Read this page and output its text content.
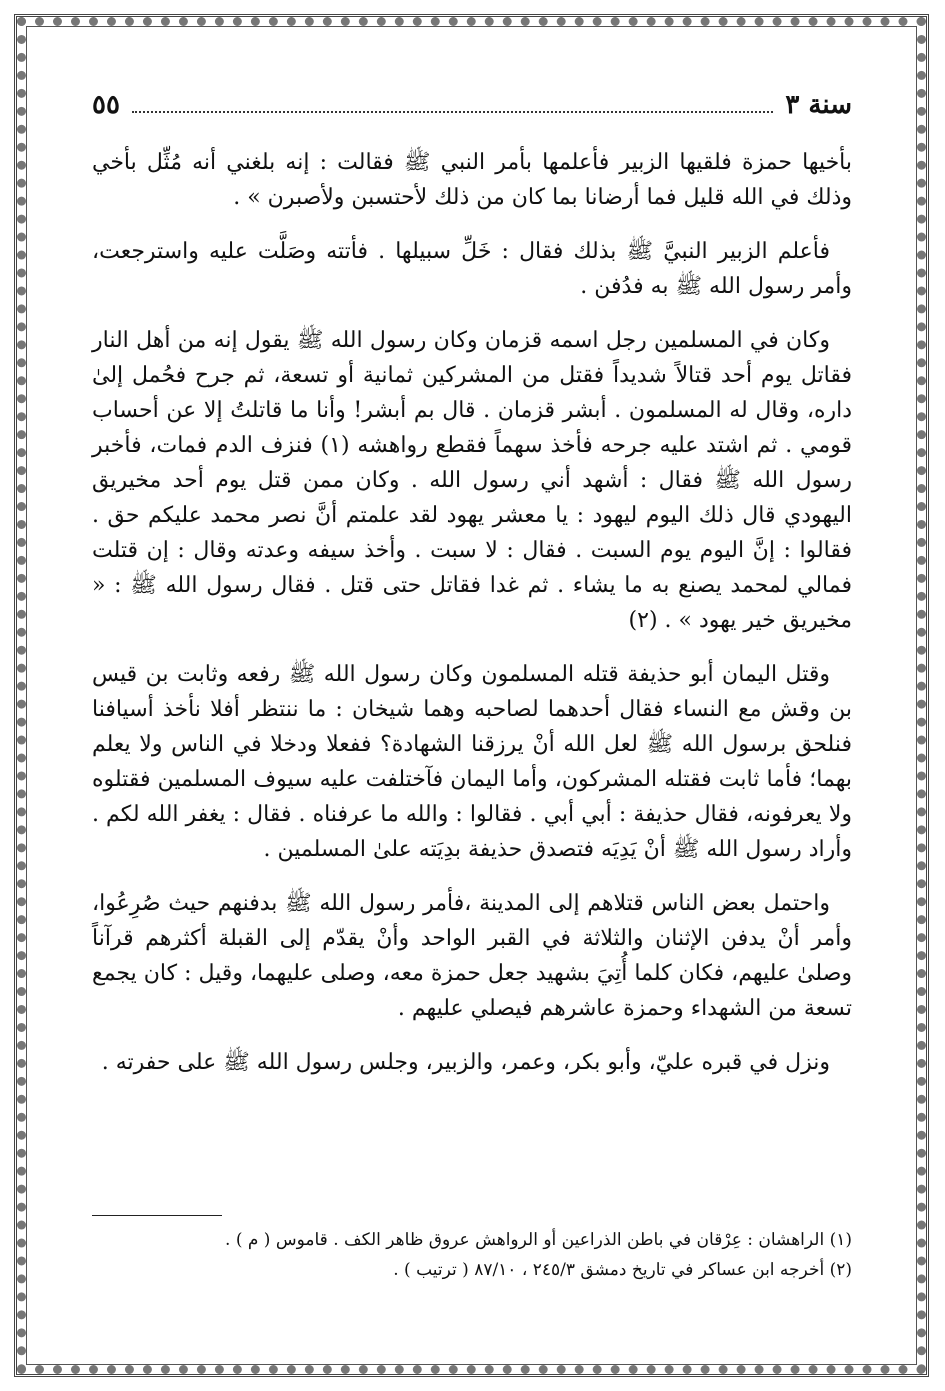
سنة ٣
٥٥

بأخيها حمزة فلقيها الزبير فأعلمها بأمر النبي ﷺ فقالت : إنه بلغني أنه مُثِّل بأخي وذلك في الله قليل فما أرضانا بما كان من ذلك لأحتسبن ولأصبرن » .

فأعلم الزبير النبيَّ ﷺ بذلك فقال : خَلِّ سبيلها . فأتته وصَلَّت عليه واسترجعت، وأمر رسول الله ﷺ به فدُفن .

وكان في المسلمين رجل اسمه قزمان وكان رسول الله ﷺ يقول إنه من أهل النار فقاتل يوم أحد قتالاً شديداً فقتل من المشركين ثمانية أو تسعة، ثم جرح فحُمل إلىٰ داره، وقال له المسلمون . أبشر قزمان . قال بم أبشر! وأنا ما قاتلتُ إلا عن أحساب قومي . ثم اشتد عليه جرحه فأخذ سهماً فقطع رواهشه (١) فنزف الدم فمات، فأخبر رسول الله ﷺ فقال : أشهد أني رسول الله . وكان ممن قتل يوم أحد مخيريق اليهودي قال ذلك اليوم ليهود : يا معشر يهود لقد علمتم أنَّ نصر محمد عليكم حق . فقالوا : إنَّ اليوم يوم السبت . فقال : لا سبت . وأخذ سيفه وعدته وقال : إن قتلت فمالي لمحمد يصنع به ما يشاء . ثم غدا فقاتل حتى قتل . فقال رسول الله ﷺ : « مخيريق خير يهود » . (٢)

وقتل اليمان أبو حذيفة قتله المسلمون وكان رسول الله ﷺ رفعه وثابت بن قيس بن وقش مع النساء فقال أحدهما لصاحبه وهما شيخان : ما ننتظر أفلا نأخذ أسيافنا فنلحق برسول الله ﷺ لعل الله أنْ يرزقنا الشهادة؟ ففعلا ودخلا في الناس ولا يعلم بهما؛ فأما ثابت فقتله المشركون، وأما اليمان فآختلفت عليه سيوف المسلمين فقتلوه ولا يعرفونه، فقال حذيفة : أبي أبي . فقالوا : والله ما عرفناه . فقال : يغفر الله لكم . وأراد رسول الله ﷺ أنْ يَدِيَه فتصدق حذيفة بدِيَته علىٰ المسلمين .

واحتمل بعض الناس قتلاهم إلى المدينة ،فأمر رسول الله ﷺ بدفنهم حيث صُرِعُوا، وأمر أنْ يدفن الإثنان والثلاثة في القبر الواحد وأنْ يقدّم إلى القبلة أكثرهم قرآناً وصلىٰ عليهم، فكان كلما أُتِيَ بشهيد جعل حمزة معه، وصلى عليهما، وقيل : كان يجمع تسعة من الشهداء وحمزة عاشرهم فيصلي عليهم .

ونزل في قبره عليّ، وأبو بكر، وعمر، والزبير، وجلس رسول الله ﷺ على حفرته .

(١) الراهشان : عِرْقان في باطن الذراعين أو الرواهش عروق ظاهر الكف . قاموس ( م ) .
(٢) أخرجه ابن عساكر في تاريخ دمشق ٢٤٥/٣ ، ٨٧/١٠ ( ترتيب ) .
